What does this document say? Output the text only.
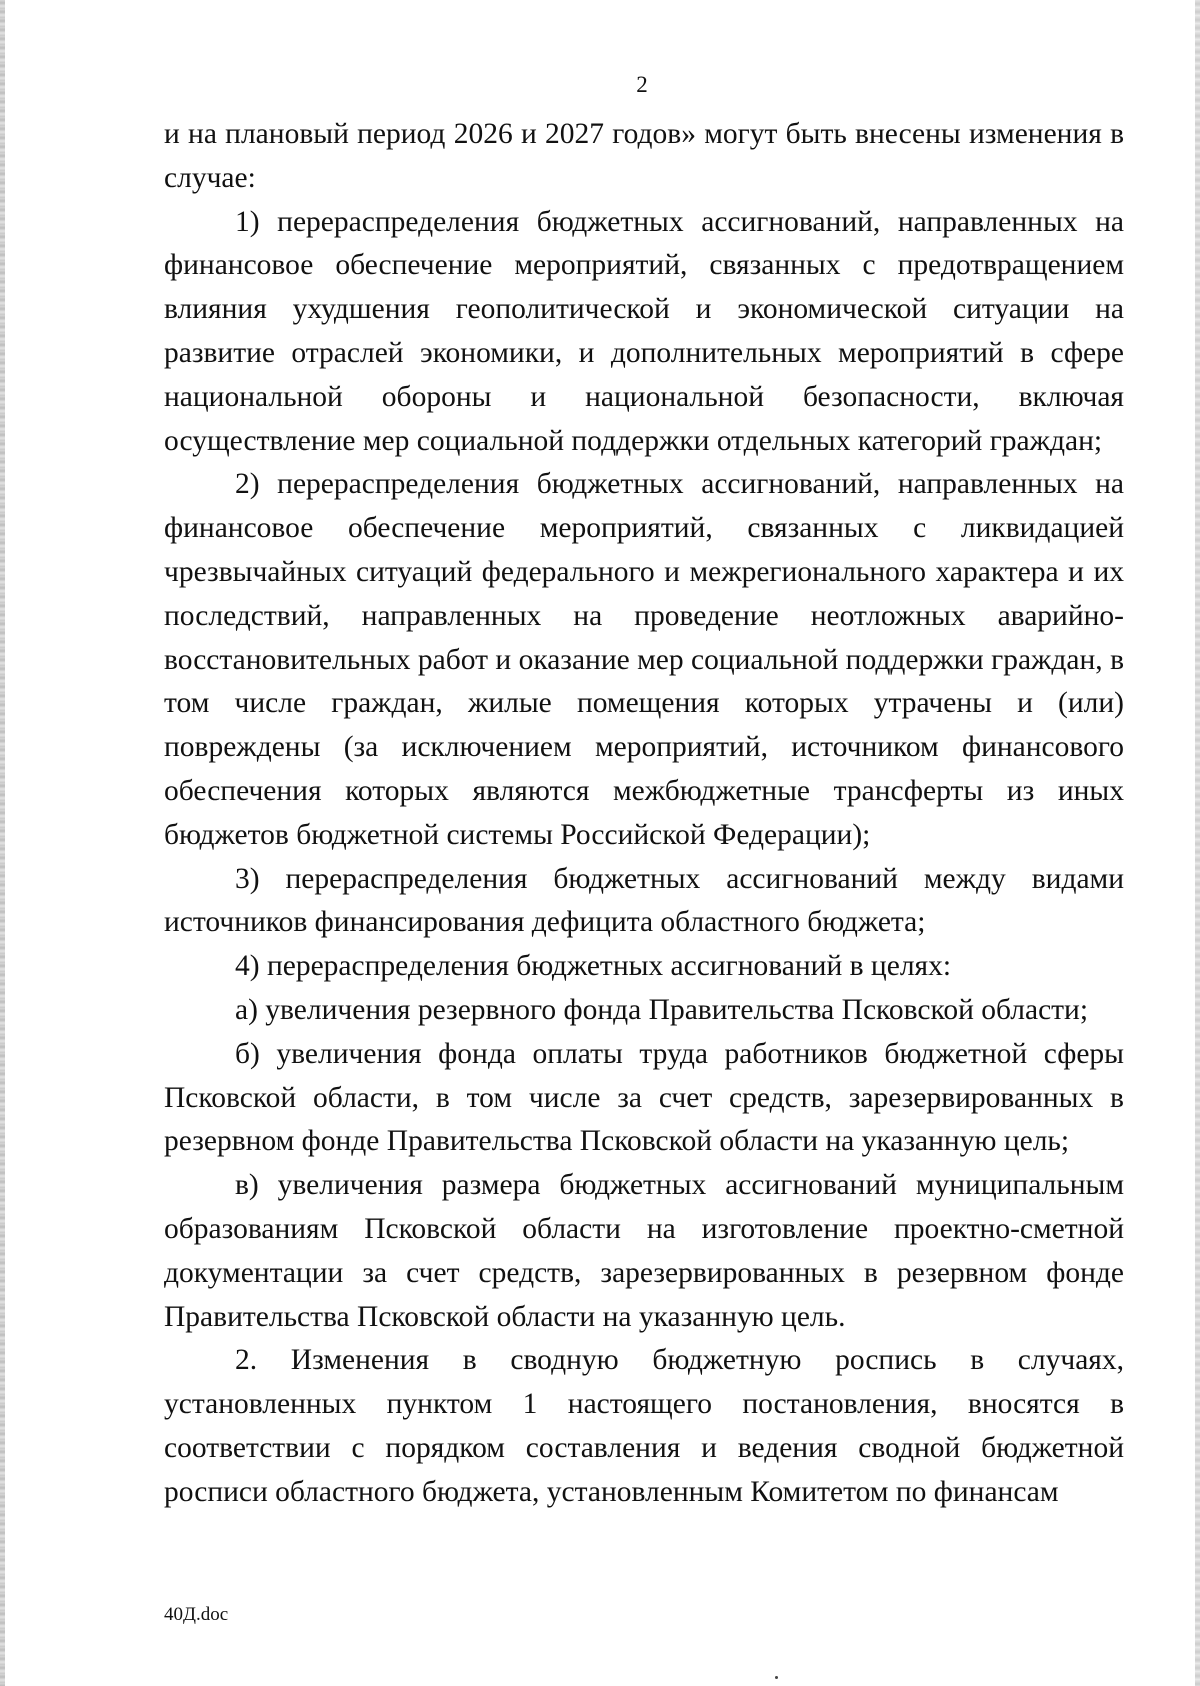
2

и на плановый период 2026 и 2027 годов» могут быть внесены изменения в случае:

1) перераспределения бюджетных ассигнований, направленных на финансовое обеспечение мероприятий, связанных с предотвращением влияния ухудшения геополитической и экономической ситуации на развитие отраслей экономики, и дополнительных мероприятий в сфере национальной обороны и национальной безопасности, включая осуществление мер социальной поддержки отдельных категорий граждан;

2) перераспределения бюджетных ассигнований, направленных на финансовое обеспечение мероприятий, связанных с ликвидацией чрезвычайных ситуаций федерального и межрегионального характера и их последствий, направленных на проведение неотложных аварийно-восстановительных работ и оказание мер социальной поддержки граждан, в том числе граждан, жилые помещения которых утрачены и (или) повреждены (за исключением мероприятий, источником финансового обеспечения которых являются межбюджетные трансферты из иных бюджетов бюджетной системы Российской Федерации);

3) перераспределения бюджетных ассигнований между видами источников финансирования дефицита областного бюджета;

4) перераспределения бюджетных ассигнований в целях:

а) увеличения резервного фонда Правительства Псковской области;

б) увеличения фонда оплаты труда работников бюджетной сферы Псковской области, в том числе за счет средств, зарезервированных в резервном фонде Правительства Псковской области на указанную цель;

в) увеличения размера бюджетных ассигнований муниципальным образованиям Псковской области на изготовление проектно-сметной документации за счет средств, зарезервированных в резервном фонде Правительства Псковской области на указанную цель.

2. Изменения в сводную бюджетную роспись в случаях, установленных пунктом 1 настоящего постановления, вносятся в соответствии с порядком составления и ведения сводной бюджетной росписи областного бюджета, установленным Комитетом по финансам

40Д.doc
